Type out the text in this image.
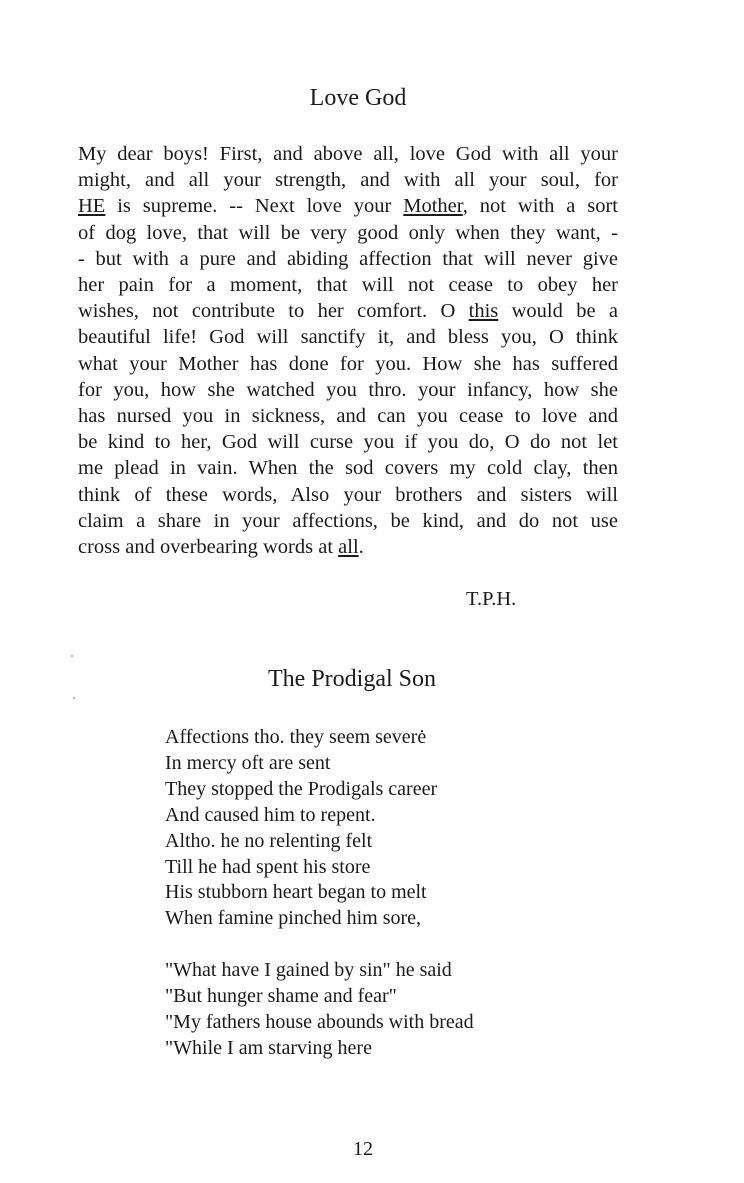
Love God
My dear boys! First, and above all, love God with all your
might, and all your strength, and with all your soul, for
HE is supreme. -- Next love your Mother, not with a sort
of dog love, that will be very good only when they want, -
- but with a pure and abiding affection that will never give
her pain for a moment, that will not cease to obey her
wishes, not contribute to her comfort. O this would be a
beautiful life! God will sanctify it, and bless you, O think
what your Mother has done for you. How she has suffered
for you, how she watched you thro. your infancy, how she
has nursed you in sickness, and can you cease to love and
be kind to her, God will curse you if you do, O do not let
me plead in vain. When the sod covers my cold clay, then
think of these words, Also your brothers and sisters will
claim a share in your affections, be kind, and do not use
cross and overbearing words at all.
T.P.H.
The Prodigal Son
Affections tho. they seem severė
In mercy oft are sent
They stopped the Prodigals career
And caused him to repent.
Altho. he no relenting felt
Till he had spent his store
His stubborn heart began to melt
When famine pinched him sore,
"What have I gained by sin" he said
"But hunger shame and fear"
"My fathers house abounds with bread
"While I am starving here
12
